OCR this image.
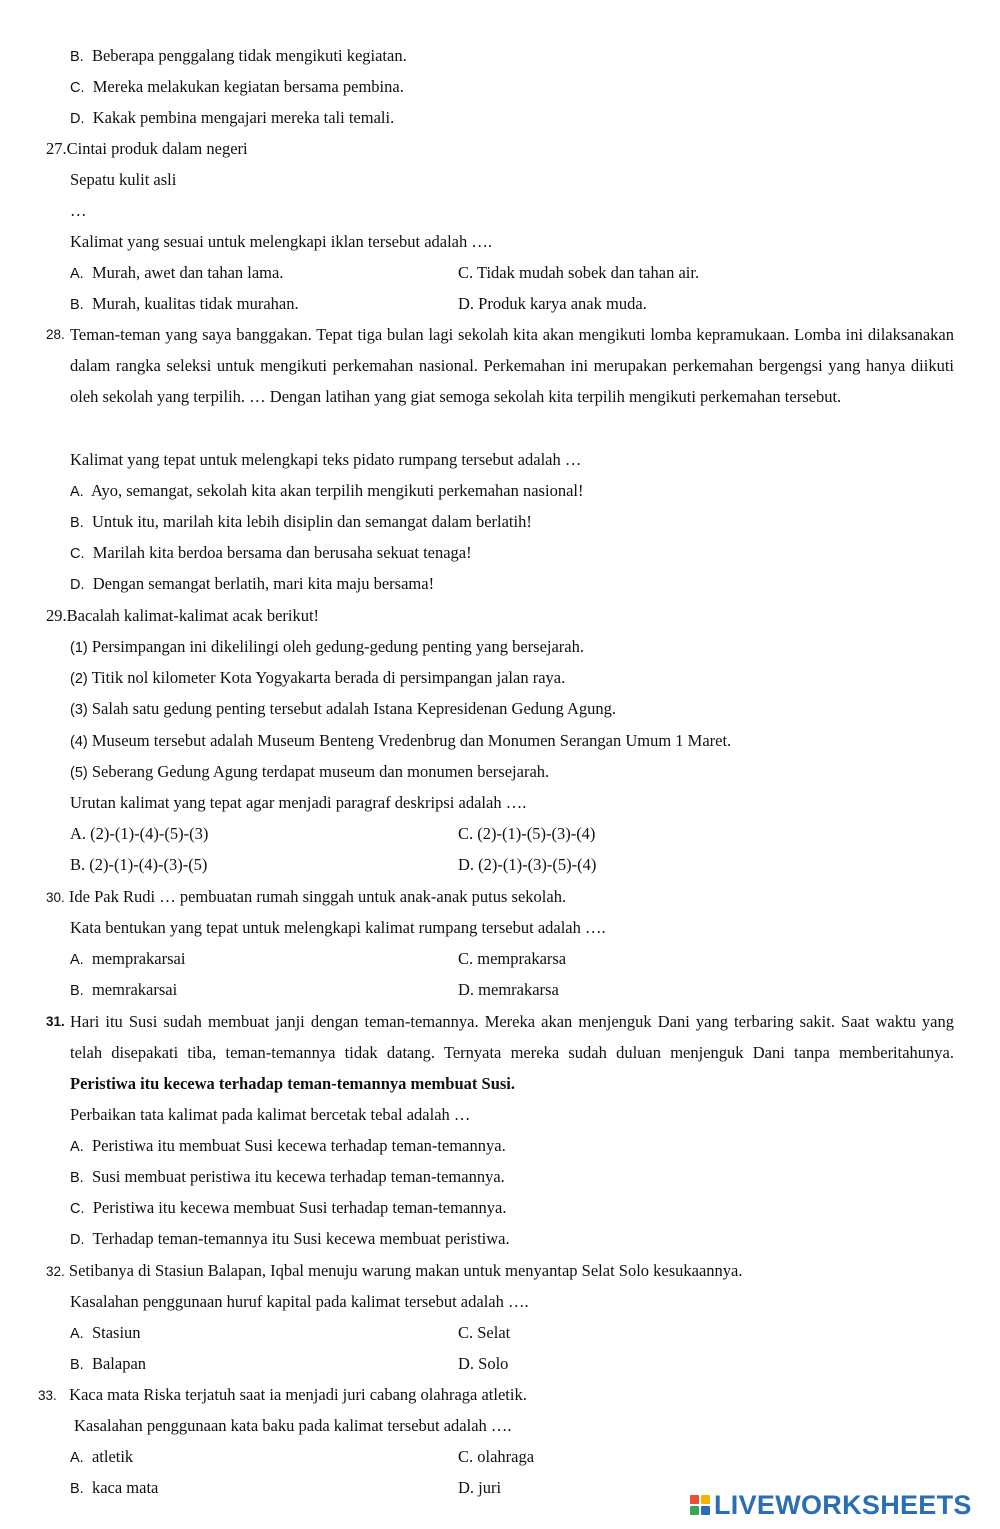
B. Beberapa penggalang tidak mengikuti kegiatan.
C. Mereka melakukan kegiatan bersama pembina.
D. Kakak pembina mengajari mereka tali temali.
27.Cintai produk dalam negeri
Sepatu kulit asli
…
Kalimat yang sesuai untuk melengkapi iklan tersebut adalah ….
A. Murah, awet dan tahan lama.	C. Tidak mudah sobek dan tahan air.
B. Murah, kualitas tidak murahan.	D. Produk karya anak muda.
28. Teman-teman yang saya banggakan. Tepat tiga bulan lagi sekolah kita akan mengikuti lomba kepramukaan. Lomba ini dilaksanakan dalam rangka seleksi untuk mengikuti perkemahan nasional. Perkemahan ini merupakan perkemahan bergengsi yang hanya diikuti oleh sekolah yang terpilih. … Dengan latihan yang giat semoga sekolah kita terpilih mengikuti perkemahan tersebut.
Kalimat yang tepat untuk melengkapi teks pidato rumpang tersebut adalah …
A. Ayo, semangat, sekolah kita akan terpilih mengikuti perkemahan nasional!
B. Untuk itu, marilah kita lebih disiplin dan semangat dalam berlatih!
C. Marilah kita berdoa bersama dan berusaha sekuat tenaga!
D. Dengan semangat berlatih, mari kita maju bersama!
29.Bacalah kalimat-kalimat acak berikut!
(1) Persimpangan ini dikelilingi oleh gedung-gedung penting yang bersejarah.
(2) Titik nol kilometer Kota Yogyakarta berada di persimpangan jalan raya.
(3) Salah satu gedung penting tersebut adalah Istana Kepresidenan Gedung Agung.
(4) Museum tersebut adalah Museum Benteng Vredenbrug dan Monumen Serangan Umum 1 Maret.
(5) Seberang Gedung Agung terdapat museum dan monumen bersejarah.
Urutan kalimat yang tepat agar menjadi paragraf deskripsi adalah ….
A. (2)-(1)-(4)-(5)-(3)	C. (2)-(1)-(5)-(3)-(4)
B. (2)-(1)-(4)-(3)-(5)	D. (2)-(1)-(3)-(5)-(4)
30. Ide Pak Rudi … pembuatan rumah singgah untuk anak-anak putus sekolah.
Kata bentukan yang tepat untuk melengkapi kalimat rumpang tersebut adalah ….
A. memprakarsai	C. memprakarsa
B. memrakarsai	D. memrakarsa
31. Hari itu Susi sudah membuat janji dengan teman-temannya. Mereka akan menjenguk Dani yang terbaring sakit. Saat waktu yang telah disepakati tiba, teman-temannya tidak datang. Ternyata mereka sudah duluan menjenguk Dani tanpa memberitahunya. Peristiwa itu kecewa terhadap teman-temannya membuat Susi.
Perbaikan tata kalimat pada kalimat bercetak tebal adalah …
A. Peristiwa itu membuat Susi kecewa terhadap teman-temannya.
B. Susi membuat peristiwa itu kecewa terhadap teman-temannya.
C. Peristiwa itu kecewa membuat Susi terhadap teman-temannya.
D. Terhadap teman-temannya itu Susi kecewa membuat peristiwa.
32. Setibanya di Stasiun Balapan, Iqbal menuju warung makan untuk menyantap Selat Solo kesukaannya.
Kasalahan penggunaan huruf kapital pada kalimat tersebut adalah ….
A. Stasiun	C. Selat
B. Balapan	D. Solo
33. Kaca mata Riska terjatuh saat ia menjadi juri cabang olahraga atletik.
Kasalahan penggunaan kata baku pada kalimat tersebut adalah ….
A. atletik	C. olahraga
B. kaca mata	D. juri
LIVEWORKSHEETS
